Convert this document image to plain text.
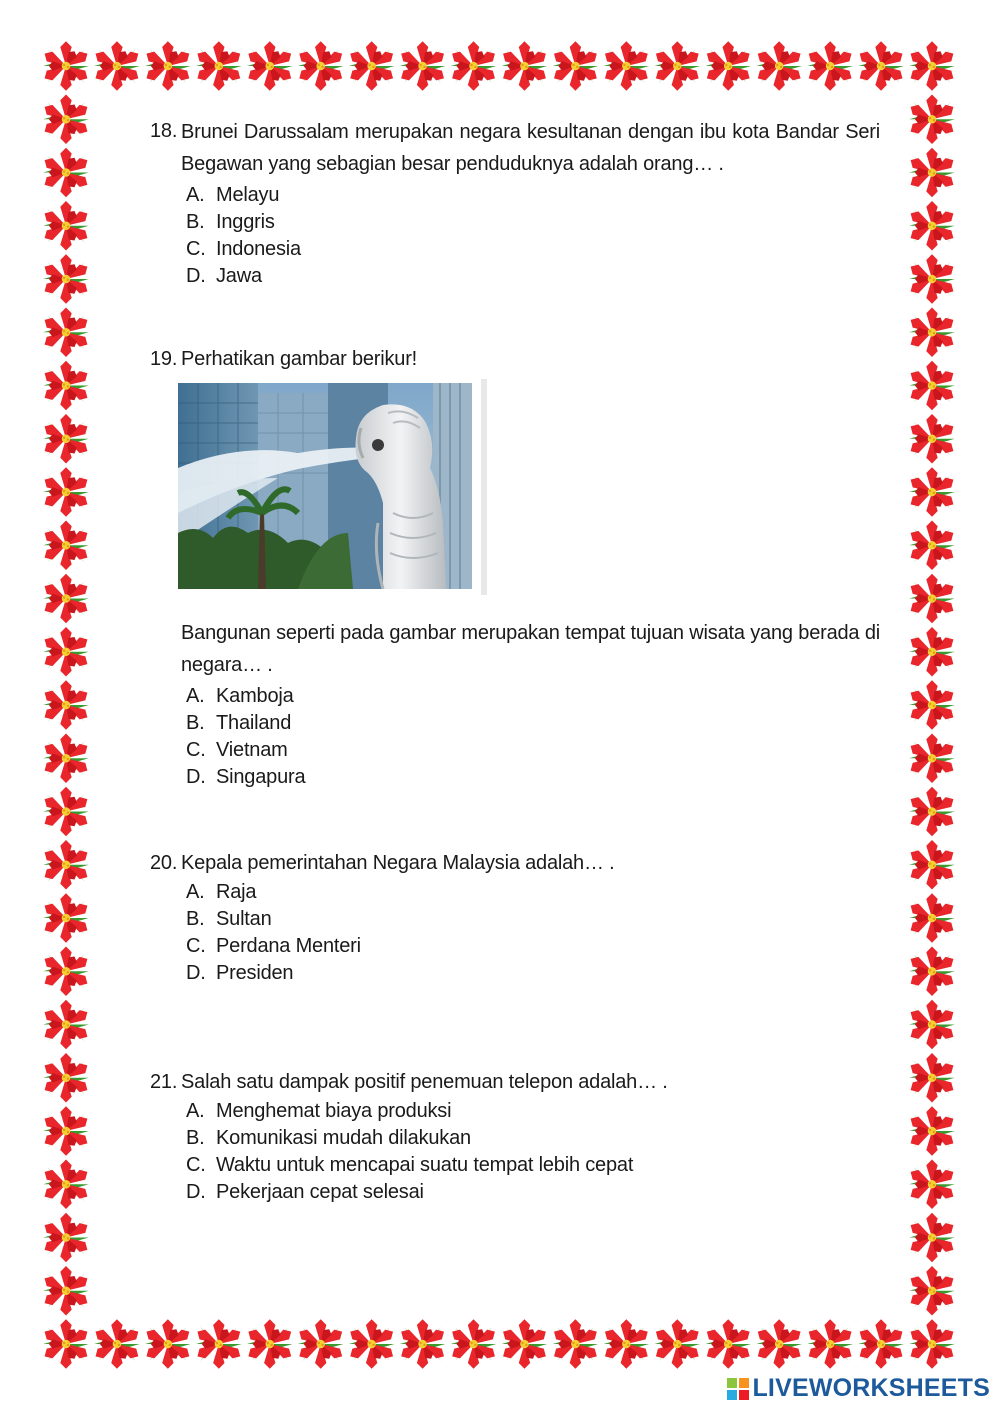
18. Brunei Darussalam merupakan negara kesultanan dengan ibu kota Bandar Seri Begawan yang sebagian besar penduduknya adalah orang… .
A. Melayu
B. Inggris
C. Indonesia
D. Jawa
19. Perhatikan gambar berikur!
Bangunan seperti pada gambar merupakan tempat tujuan wisata yang berada di negara… .
A. Kamboja
B. Thailand
C. Vietnam
D. Singapura
20. Kepala pemerintahan Negara Malaysia adalah… .
A. Raja
B. Sultan
C. Perdana Menteri
D. Presiden
21. Salah satu dampak positif penemuan telepon adalah… .
A. Menghemat biaya produksi
B. Komunikasi mudah dilakukan
C. Waktu untuk mencapai suatu tempat lebih cepat
D. Pekerjaan cepat selesai
LIVEWORKSHEETS
